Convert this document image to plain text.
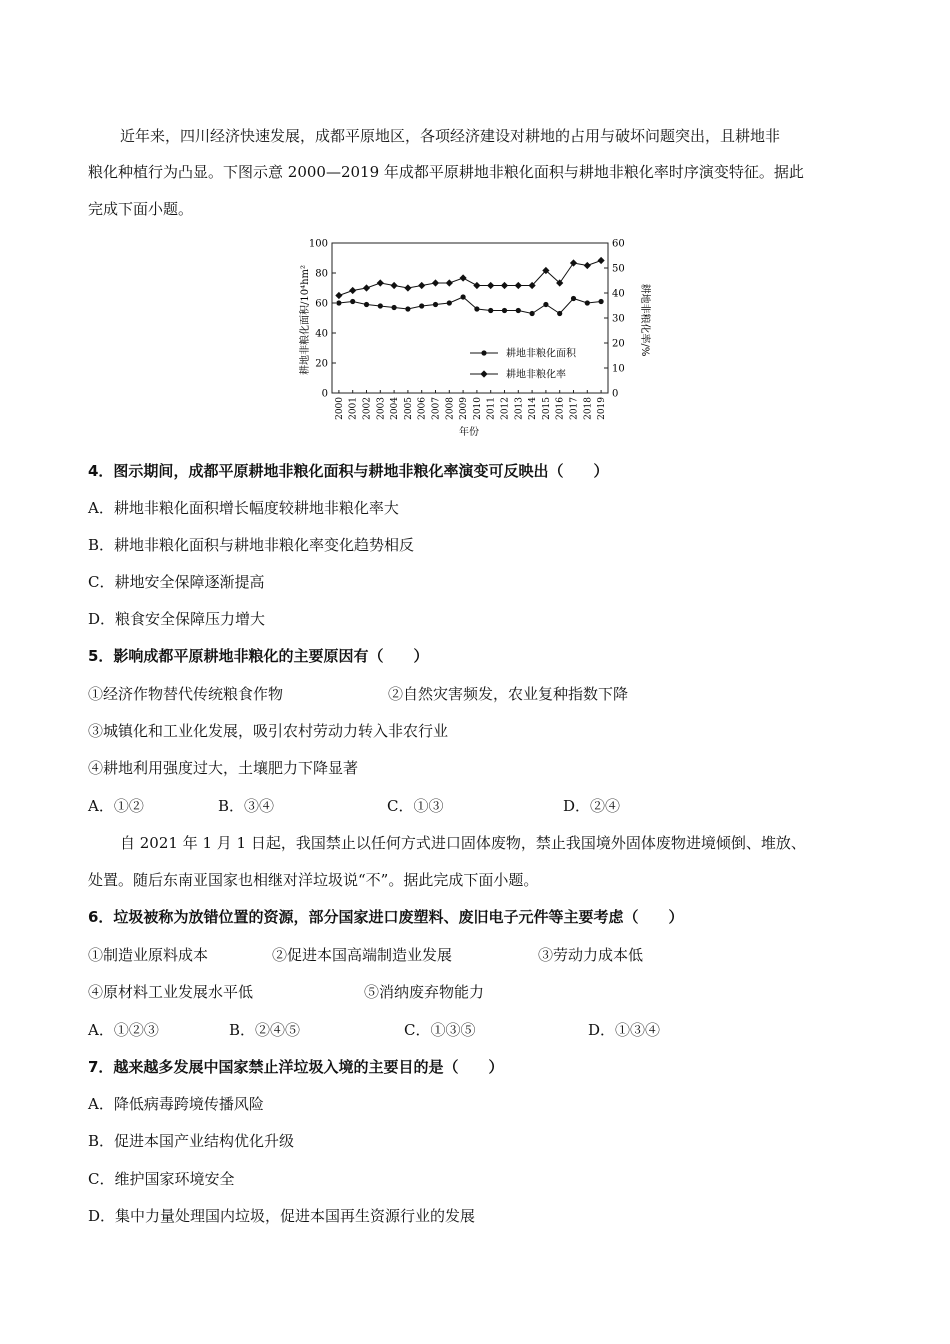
近年来，四川经济快速发展，成都平原地区，各项经济建设对耕地的占用与破坏问题突出，且耕地非
粮化种植行为凸显。下图示意 2000—2019 年成都平原耕地非粮化面积与耕地非粮化率时序演变特征。据此
完成下面小题。
0
20
40
60
80
100
0
10
20
30
40
50
60
2000 2001 2002 2003 2004 2005 2006 2007 2008 2009 2010 2011 2012 2013 2014 2015 2016 2017 2018 2019
耕地非粮化面积
耕地非粮化率
耕地非粮化面积/10⁴hm²	耕地非粮化率/%
年份
4．图示期间，成都平原耕地非粮化面积与耕地非粮化率演变可反映出（　　）
A．耕地非粮化面积增长幅度较耕地非粮化率大
B．耕地非粮化面积与耕地非粮化率变化趋势相反
C．耕地安全保障逐渐提高
D．粮食安全保障压力增大
5．影响成都平原耕地非粮化的主要原因有（　　）
①经济作物替代传统粮食作物	②自然灾害频发，农业复种指数下降
③城镇化和工业化发展，吸引农村劳动力转入非农行业
④耕地利用强度过大，土壤肥力下降显著
A．①②	B．③④	C．①③	D．②④
自 2021 年 1 月 1 日起，我国禁止以任何方式进口固体废物，禁止我国境外固体废物进境倾倒、堆放、
处置。随后东南亚国家也相继对洋垃圾说“不”。据此完成下面小题。
6．垃圾被称为放错位置的资源，部分国家进口废塑料、废旧电子元件等主要考虑（　　）
①制造业原料成本	②促进本国高端制造业发展	③劳动力成本低
④原材料工业发展水平低	⑤消纳废弃物能力
A．①②③	B．②④⑤	C．①③⑤	D．①③④
7．越来越多发展中国家禁止洋垃圾入境的主要目的是（　　）
A．降低病毒跨境传播风险
B．促进本国产业结构优化升级
C．维护国家环境安全
D．集中力量处理国内垃圾，促进本国再生资源行业的发展
